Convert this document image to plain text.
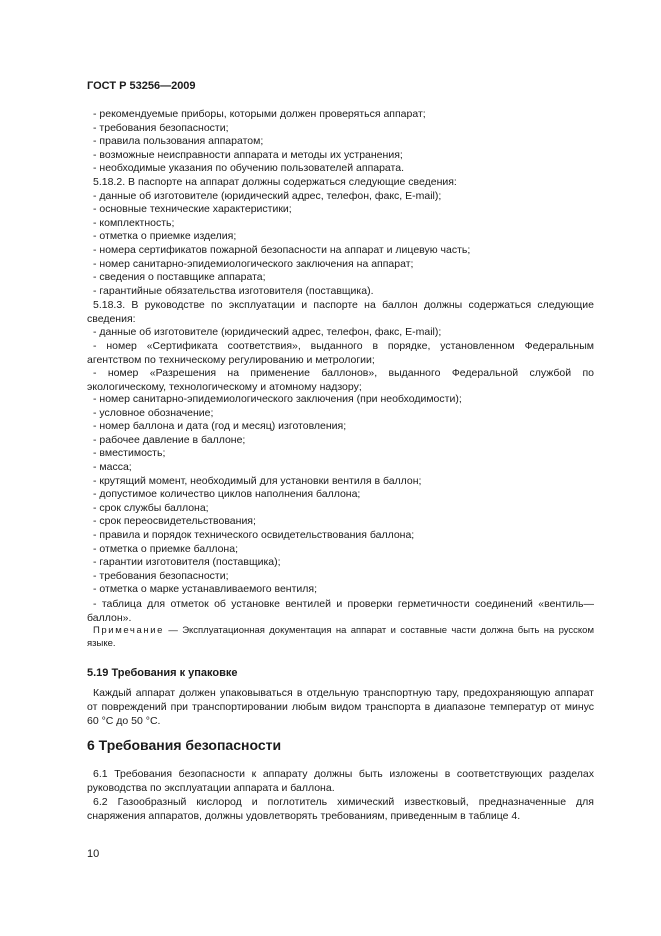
ГОСТ Р 53256—2009
- рекомендуемые приборы, которыми должен проверяться аппарат;
- требования безопасности;
- правила пользования аппаратом;
- возможные неисправности аппарата и методы их устранения;
- необходимые указания по обучению пользователей аппарата.
5.18.2. В паспорте на аппарат должны содержаться следующие сведения:
- данные об изготовителе (юридический адрес, телефон, факс, E-mail);
- основные технические характеристики;
- комплектность;
- отметка о приемке изделия;
- номера сертификатов пожарной безопасности на аппарат и лицевую часть;
- номер санитарно-эпидемиологического заключения на аппарат;
- сведения о поставщике аппарата;
- гарантийные обязательства изготовителя (поставщика).
5.18.3. В руководстве по эксплуатации и паспорте на баллон должны содержаться следующие сведения:
- данные об изготовителе (юридический адрес, телефон, факс, E-mail);
- номер «Сертификата соответствия», выданного в порядке, установленном Федеральным агентством по техническому регулированию и метрологии;
- номер «Разрешения на применение баллонов», выданного Федеральной службой по экологическому, технологическому и атомному надзору;
- номер санитарно-эпидемиологического заключения (при необходимости);
- условное обозначение;
- номер баллона и дата (год и месяц) изготовления;
- рабочее давление в баллоне;
- вместимость;
- масса;
- крутящий момент, необходимый для установки вентиля в баллон;
- допустимое количество циклов наполнения баллона;
- срок службы баллона;
- срок переосвидетельствования;
- правила и порядок технического освидетельствования баллона;
- отметка о приемке баллона;
- гарантии изготовителя (поставщика);
- требования безопасности;
- отметка о марке устанавливаемого вентиля;
- таблица для отметок об установке вентилей и проверки герметичности соединений «вентиль—баллон».
Примечание — Эксплуатационная документация на аппарат и составные части должна быть на русском языке.
5.19 Требования к упаковке
Каждый аппарат должен упаковываться в отдельную транспортную тару, предохраняющую аппарат от повреждений при транспортировании любым видом транспорта в диапазоне температур от минус 60 °С до 50 °С.
6 Требования безопасности
6.1 Требования безопасности к аппарату должны быть изложены в соответствующих разделах руководства по эксплуатации аппарата и баллона.
6.2 Газообразный кислород и поглотитель химический известковый, предназначенные для снаряжения аппаратов, должны удовлетворять требованиям, приведенным в таблице 4.
10
